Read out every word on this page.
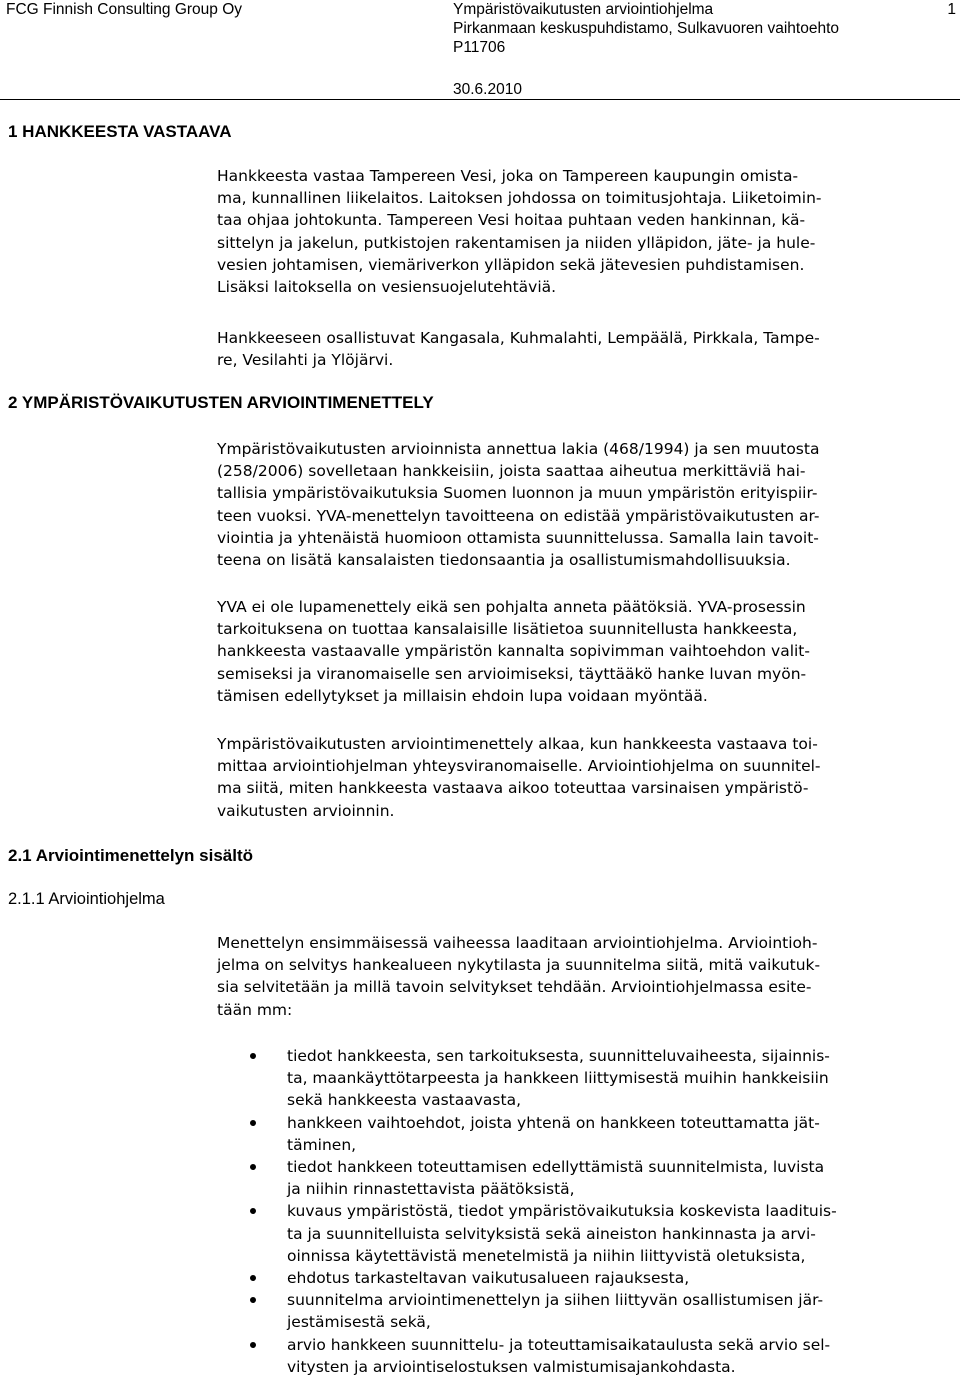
FCG Finnish Consulting Group Oy	Ympäristövaikutusten arviointiohjelma
Pirkanmaan keskuspuhdistamo, Sulkavuoren vaihtoehto
P11706
1
30.6.2010
1 HANKKEESTA VASTAAVA
Hankkeesta vastaa Tampereen Vesi, joka on Tampereen kaupungin omista-
ma, kunnallinen liikelaitos. Laitoksen johdossa on toimitusjohtaja. Liiketoimin-
taa ohjaa johtokunta. Tampereen Vesi hoitaa puhtaan veden hankinnan, kä-
sittelyn ja jakelun, putkistojen rakentamisen ja niiden ylläpidon, jäte- ja hule-
vesien johtamisen, viemäriverkon ylläpidon sekä jätevesien puhdistamisen.
Lisäksi laitoksella on vesiensuojelutehtäviä.
Hankkeeseen osallistuvat Kangasala, Kuhmalahti, Lempäälä, Pirkkala, Tampe-
re, Vesilahti ja Ylöjärvi.
2 YMPÄRISTÖVAIKUTUSTEN ARVIOINTIMENETTELY
Ympäristövaikutusten arvioinnista annettua lakia (468/1994) ja sen muutosta
(258/2006) sovelletaan hankkeisiin, joista saattaa aiheutua merkittäviä hai-
tallisia ympäristövaikutuksia Suomen luonnon ja muun ympäristön erityispiir-
teen vuoksi. YVA-menettelyn tavoitteena on edistää ympäristövaikutusten ar-
viointia ja yhtenäistä huomioon ottamista suunnittelussa. Samalla lain tavoit-
teena on lisätä kansalaisten tiedonsaantia ja osallistumismahdollisuuksia.
YVA ei ole lupamenettely eikä sen pohjalta anneta päätöksiä. YVA-prosessin
tarkoituksena on tuottaa kansalaisille lisätietoa suunnitellusta hankkeesta,
hankkeesta vastaavalle ympäristön kannalta sopivimman vaihtoehdon valit-
semiseksi ja viranomaiselle sen arvioimiseksi, täyttääkö hanke luvan myön-
tämisen edellytykset ja millaisin ehdoin lupa voidaan myöntää.
Ympäristövaikutusten arviointimenettely alkaa, kun hankkeesta vastaava toi-
mittaa arviointiohjelman yhteysviranomaiselle. Arviointiohjelma on suunnitel-
ma siitä, miten hankkeesta vastaava aikoo toteuttaa varsinaisen ympäristö-
vaikutusten arvioinnin.
2.1 Arviointimenettelyn sisältö
2.1.1 Arviointiohjelma
Menettelyn ensimmäisessä vaiheessa laaditaan arviointiohjelma. Arviointioh-
jelma on selvitys hankealueen nykytilasta ja suunnitelma siitä, mitä vaikutuk-
sia selvitetään ja millä tavoin selvitykset tehdään. Arviointiohjelmassa esite-
tään mm:
tiedot hankkeesta, sen tarkoituksesta, suunnitteluvaiheesta, sijainnis-
ta, maankäyttötarpeesta ja hankkeen liittymisestä muihin hankkeisiin
sekä hankkeesta vastaavasta,
hankkeen vaihtoehdot, joista yhtenä on hankkeen toteuttamatta jät-
täminen,
tiedot hankkeen toteuttamisen edellyttämistä suunnitelmista, luvista
ja niihin rinnastettavista päätöksistä,
kuvaus ympäristöstä, tiedot ympäristövaikutuksia koskevista laadituis-
ta ja suunnitelluista selvityksistä sekä aineiston hankinnasta ja arvi-
oinnissa käytettävistä menetelmistä ja niihin liittyvistä oletuksista,
ehdotus tarkasteltavan vaikutusalueen rajauksesta,
suunnitelma arviointimenettelyn ja siihen liittyvän osallistumisen jär-
jestämisestä sekä,
arvio hankkeen suunnittelu- ja toteuttamisaikataulusta sekä arvio sel-
vitysten ja arviointiselostuksen valmistumisajankohdasta.
